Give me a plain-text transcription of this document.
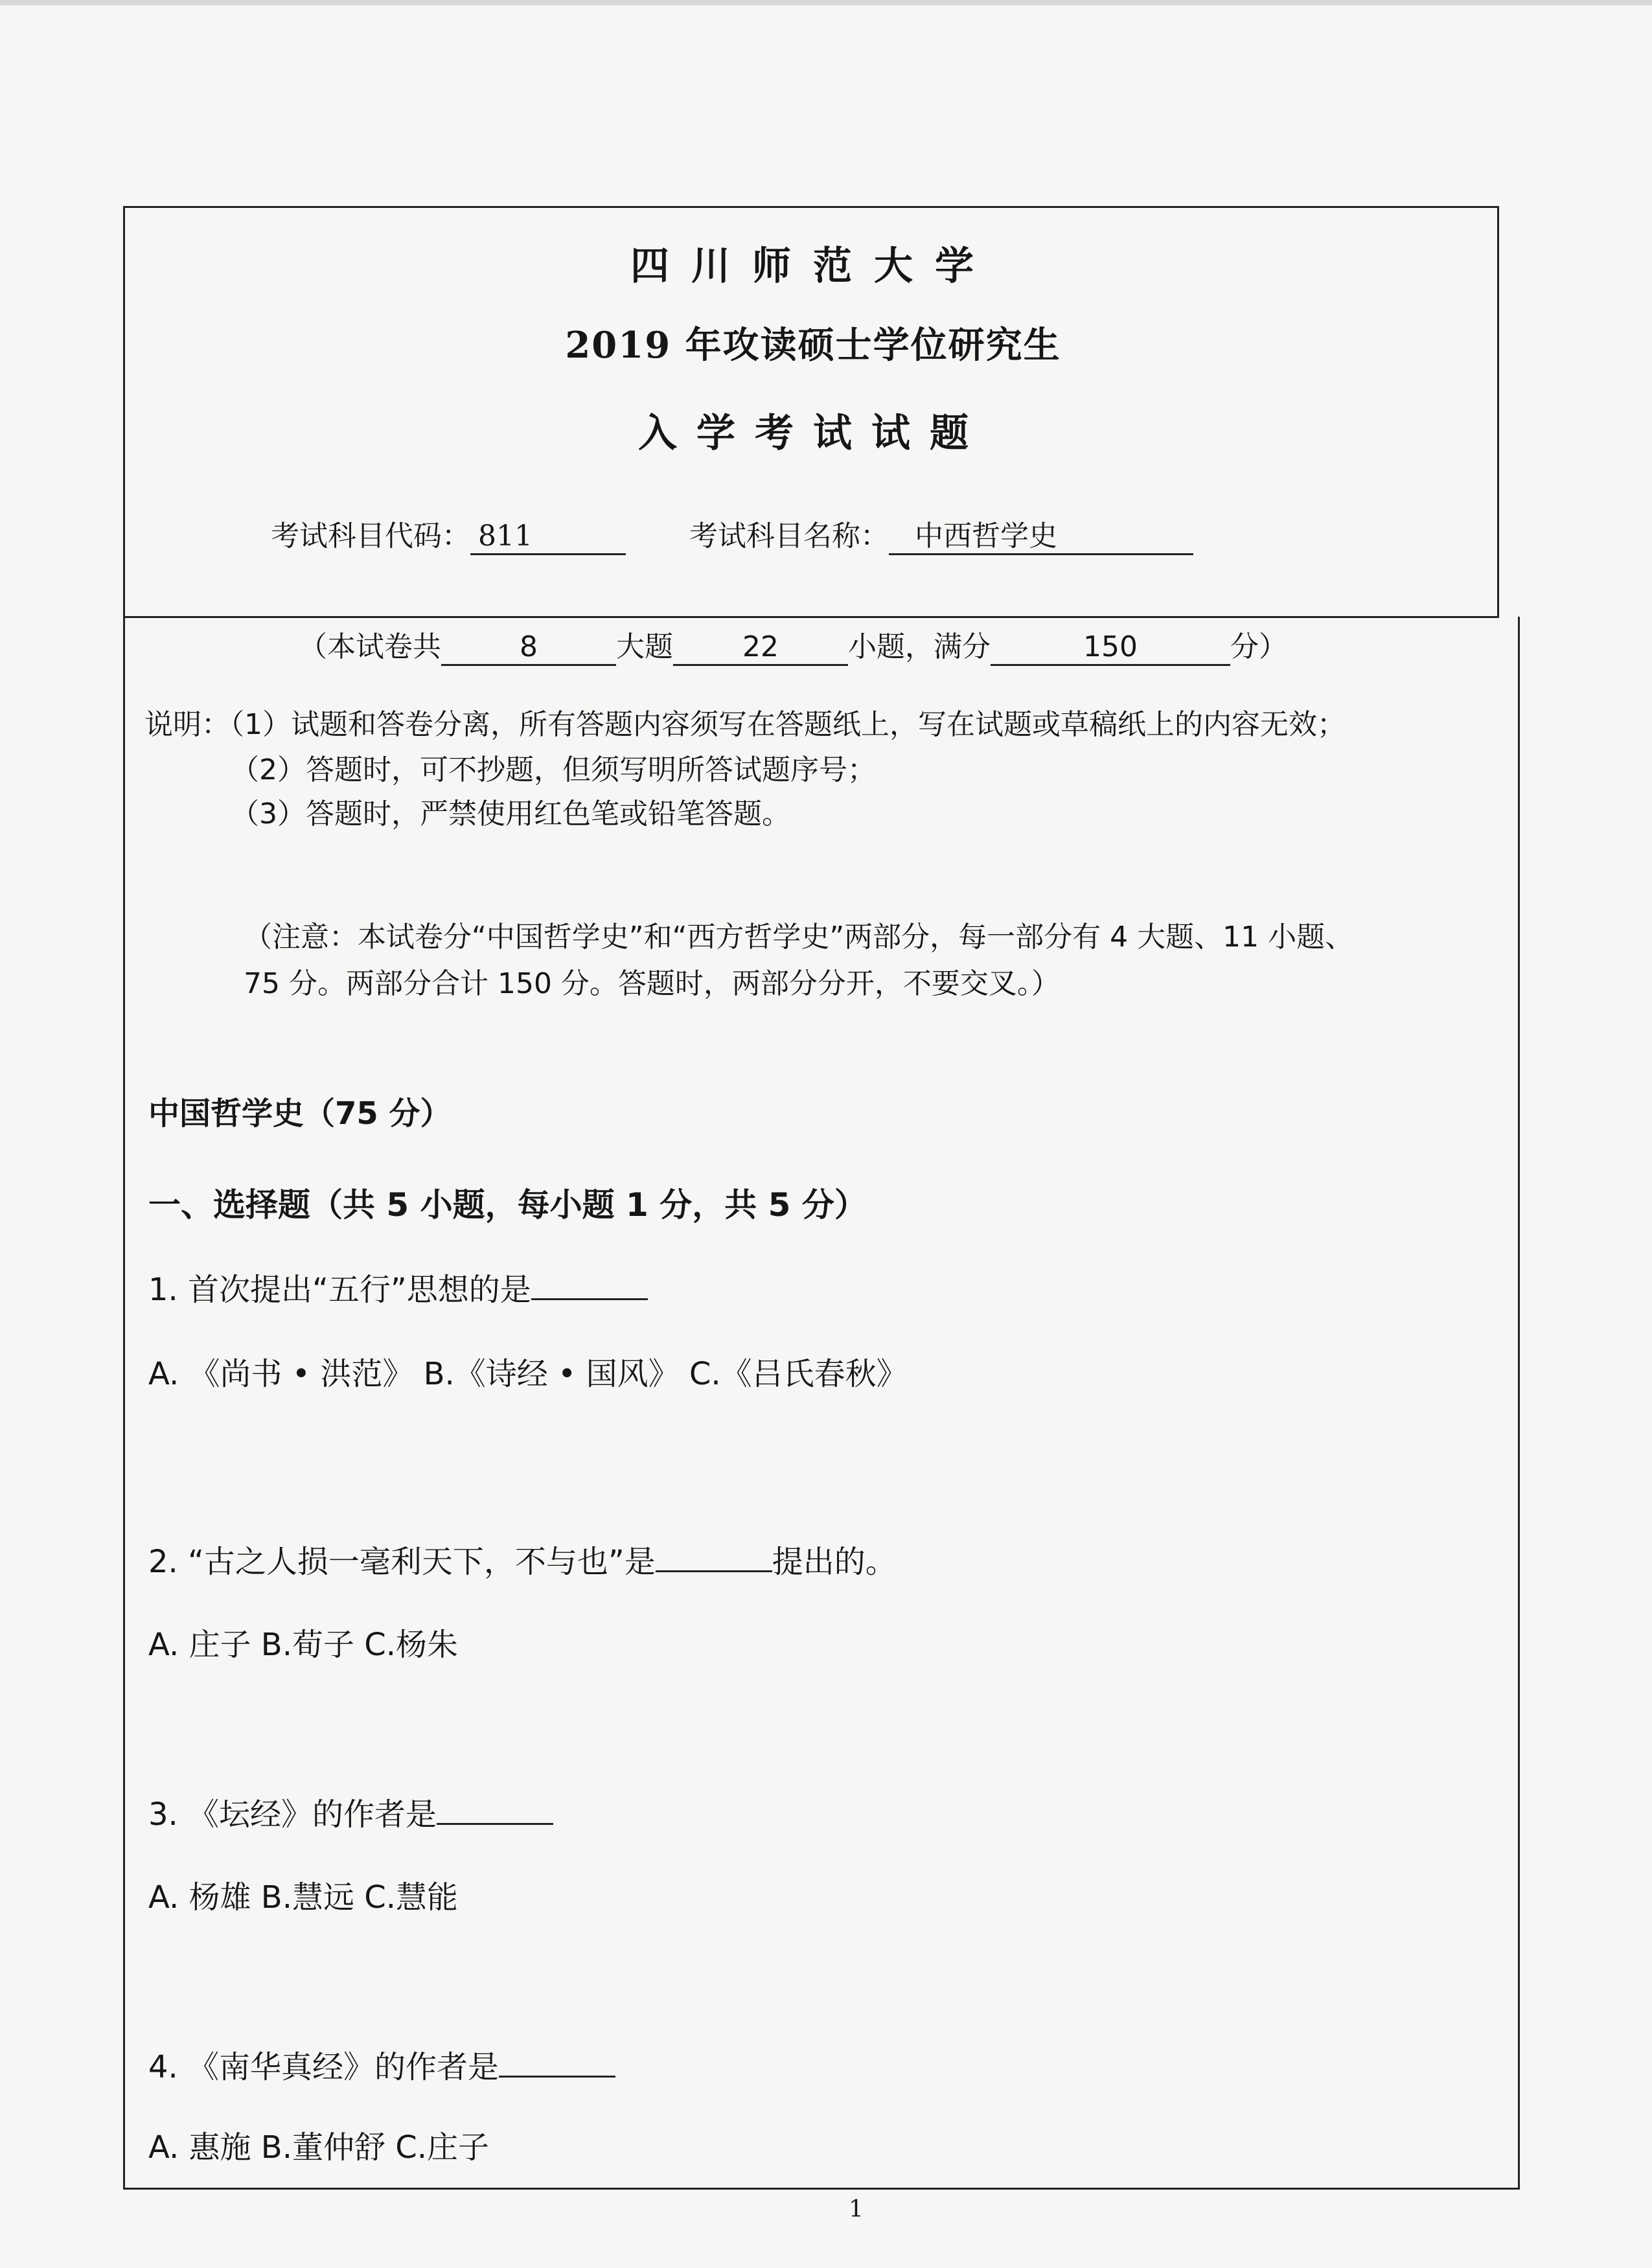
四川师范大学
2019 年攻读硕士学位研究生
入学考试试题
考试科目代码： 811	考试科目名称： 中西哲学史
（本试卷共	8	大题 22 小题，满分	150	分）
说明：（1）试题和答卷分离，所有答题内容须写在答题纸上，写在试题或草稿纸上的内容无效；
（2）答题时，可不抄题，但须写明所答试题序号；
（3）答题时，严禁使用红色笔或铅笔答题。
（注意：本试卷分“中国哲学史”和“西方哲学史”两部分，每一部分有 4 大题、11 小题、
75 分。两部分合计 150 分。答题时，两部分分开，不要交叉。）
中国哲学史（75 分）
一、选择题（共 5 小题，每小题 1 分，共 5 分）
1. 首次提出“五行”思想的是
A. 《尚书 • 洪范》 B.《诗经 • 国风》 C.《吕氏春秋》
2. “古之人损一毫利天下，不与也”是	提出的。
A. 庄子 B.荀子 C.杨朱
3. 《坛经》的作者是
A. 杨雄 B.慧远 C.慧能
4. 《南华真经》的作者是
A. 惠施 B.董仲舒 C.庄子
1
